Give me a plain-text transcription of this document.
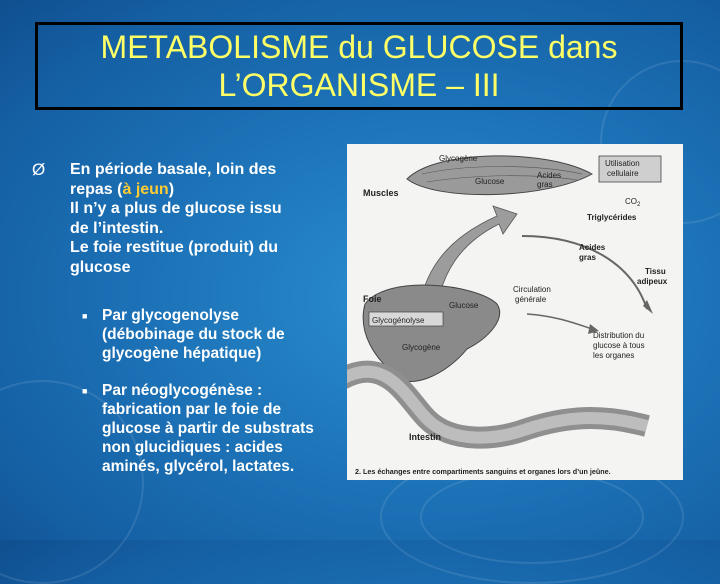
METABOLISME du GLUCOSE dans
L’ORGANISME – III
Ø En période basale, loin des
repas (à jeun)
Il n’y a plus de glucose issu
de l’intestin.
Le foie restitue (produit) du
glucose
■ Par glycogenolyse
(débobinage du stock de
glycogène hépatique)
■ Par néoglycogénèse :
fabrication par le foie de
glucose à partir de substrats
non glucidiques : acides
aminés, glycérol, lactates.
Glycogène
Muscles
Glucose
Acides
gras
Utilisation
cellulaire
$CO_2$
Triglycérides
Acides
gras
Tissu
adipeux
Circulation
générale
Foie
Glucose
Glycogénolyse
Glycogène
Distribution du
glucose à tous
les organes
Intestin
2. Les échanges entre compartiments sanguins et organes lors d’un jeûne.
